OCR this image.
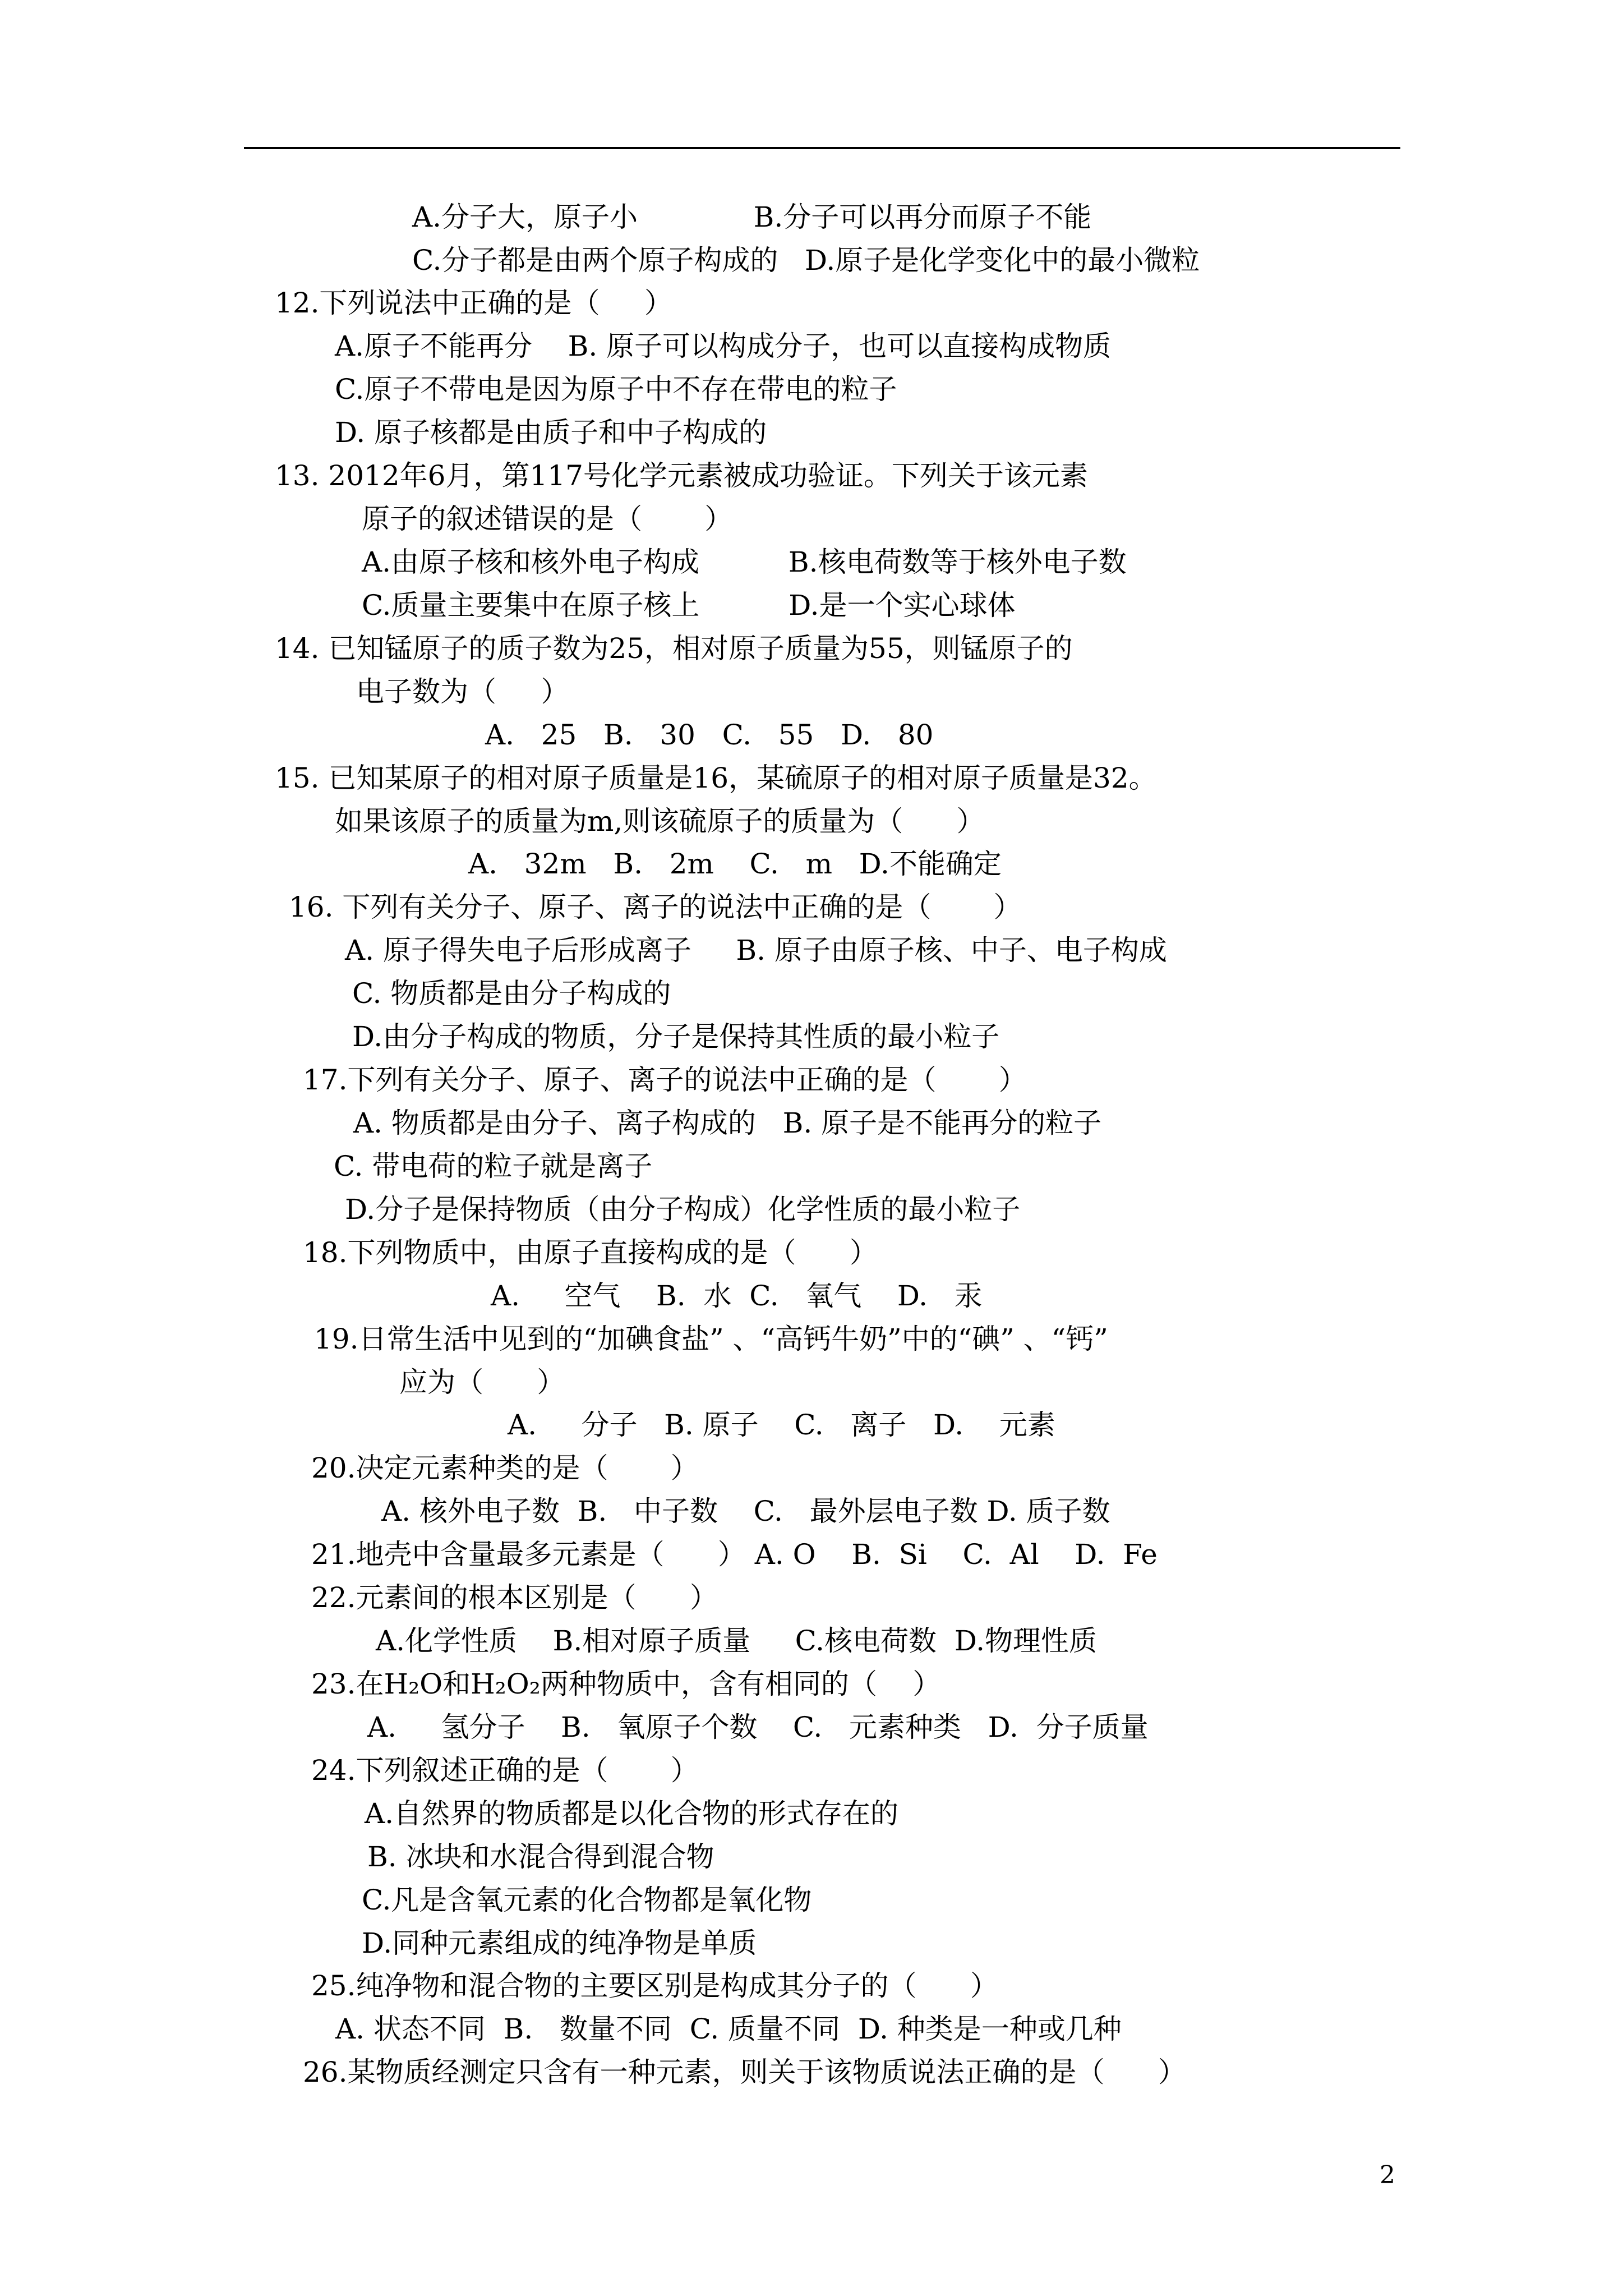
A.分子大，原子小             B.分子可以再分而原子不能
C.分子都是由两个原子构成的   D.原子是化学变化中的最小微粒
12.下列说法中正确的是（     ）
A.原子不能再分    B. 原子可以构成分子，也可以直接构成物质
C.原子不带电是因为原子中不存在带电的粒子
D. 原子核都是由质子和中子构成的
13. 2012年6月，第117号化学元素被成功验证。下列关于该元素
原子的叙述错误的是（       ）
A.由原子核和核外电子构成          B.核电荷数等于核外电子数
C.质量主要集中在原子核上          D.是一个实心球体
14. 已知锰原子的质子数为25，相对原子质量为55，则锰原子的
电子数为（     ）
A.   25   B.   30   C.   55   D.   80
15. 已知某原子的相对原子质量是16，某硫原子的相对原子质量是32。
如果该原子的质量为m,则该硫原子的质量为（      ）
A.   32m   B.   2m    C.   m   D.不能确定
16. 下列有关分子、原子、离子的说法中正确的是（       ）
A. 原子得失电子后形成离子     B. 原子由原子核、中子、电子构成
C. 物质都是由分子构成的
D.由分子构成的物质，分子是保持其性质的最小粒子
17.下列有关分子、原子、离子的说法中正确的是（       ）
A. 物质都是由分子、离子构成的   B. 原子是不能再分的粒子
C. 带电荷的粒子就是离子
D.分子是保持物质（由分子构成）化学性质的最小粒子
18.下列物质中，由原子直接构成的是（      ）
A.     空气    B.  水  C.   氧气    D.   汞
19.日常生活中见到的“加碘食盐” 、“高钙牛奶”中的“碘” 、“钙”
应为（      ）
A.     分子   B. 原子    C.   离子   D.    元素
20.决定元素种类的是（       ）
A. 核外电子数  B.   中子数    C.   最外层电子数 D. 质子数
21.地壳中含量最多元素是（      ） A. O    B.  Si    C.  Al    D.  Fe
22.元素间的根本区别是（      ）
A.化学性质    B.相对原子质量     C.核电荷数  D.物理性质
23.在H₂O和H₂O₂两种物质中，含有相同的（    ）
A.     氢分子    B.   氧原子个数    C.   元素种类   D.  分子质量
24.下列叙述正确的是（       ）
A.自然界的物质都是以化合物的形式存在的
B. 冰块和水混合得到混合物
C.凡是含氧元素的化合物都是氧化物
D.同种元素组成的纯净物是单质
25.纯净物和混合物的主要区别是构成其分子的（      ）
A. 状态不同  B.   数量不同  C. 质量不同  D. 种类是一种或几种
26.某物质经测定只含有一种元素，则关于该物质说法正确的是（      ）
2
